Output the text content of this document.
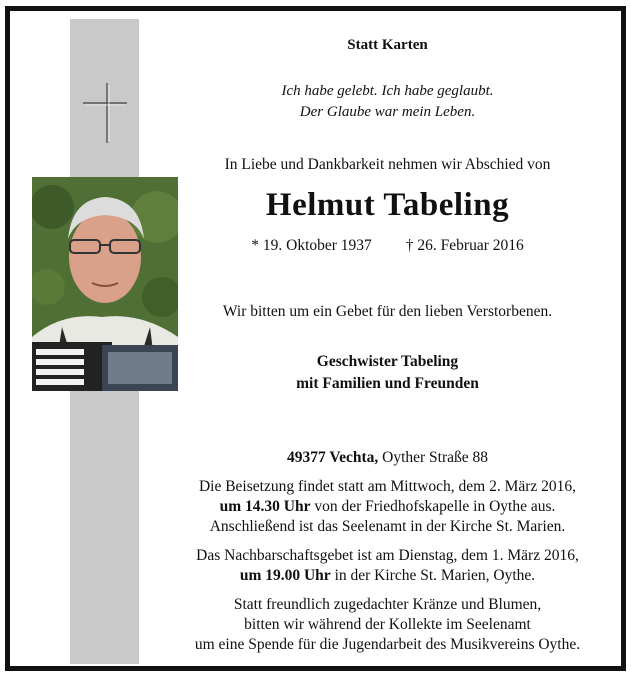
Statt Karten
Ich habe gelebt. Ich habe geglaubt.
Der Glaube war mein Leben.
In Liebe und Dankbarkeit nehmen wir Abschied von
Helmut Tabeling
* 19. Oktober 1937 † 26. Februar 2016
Wir bitten um ein Gebet für den lieben Verstorbenen.
Geschwister Tabeling
mit Familien und Freunden
49377 Vechta, Oyther Straße 88
Die Beisetzung findet statt am Mittwoch, dem 2. März 2016,
um 14.30 Uhr von der Friedhofskapelle in Oythe aus.
Anschließend ist das Seelenamt in der Kirche St. Marien.
Das Nachbarschaftsgebet ist am Dienstag, dem 1. März 2016,
um 19.00 Uhr in der Kirche St. Marien, Oythe.
Statt freundlich zugedachter Kränze und Blumen,
bitten wir während der Kollekte im Seelenamt
um eine Spende für die Jugendarbeit des Musikvereins Oythe.
